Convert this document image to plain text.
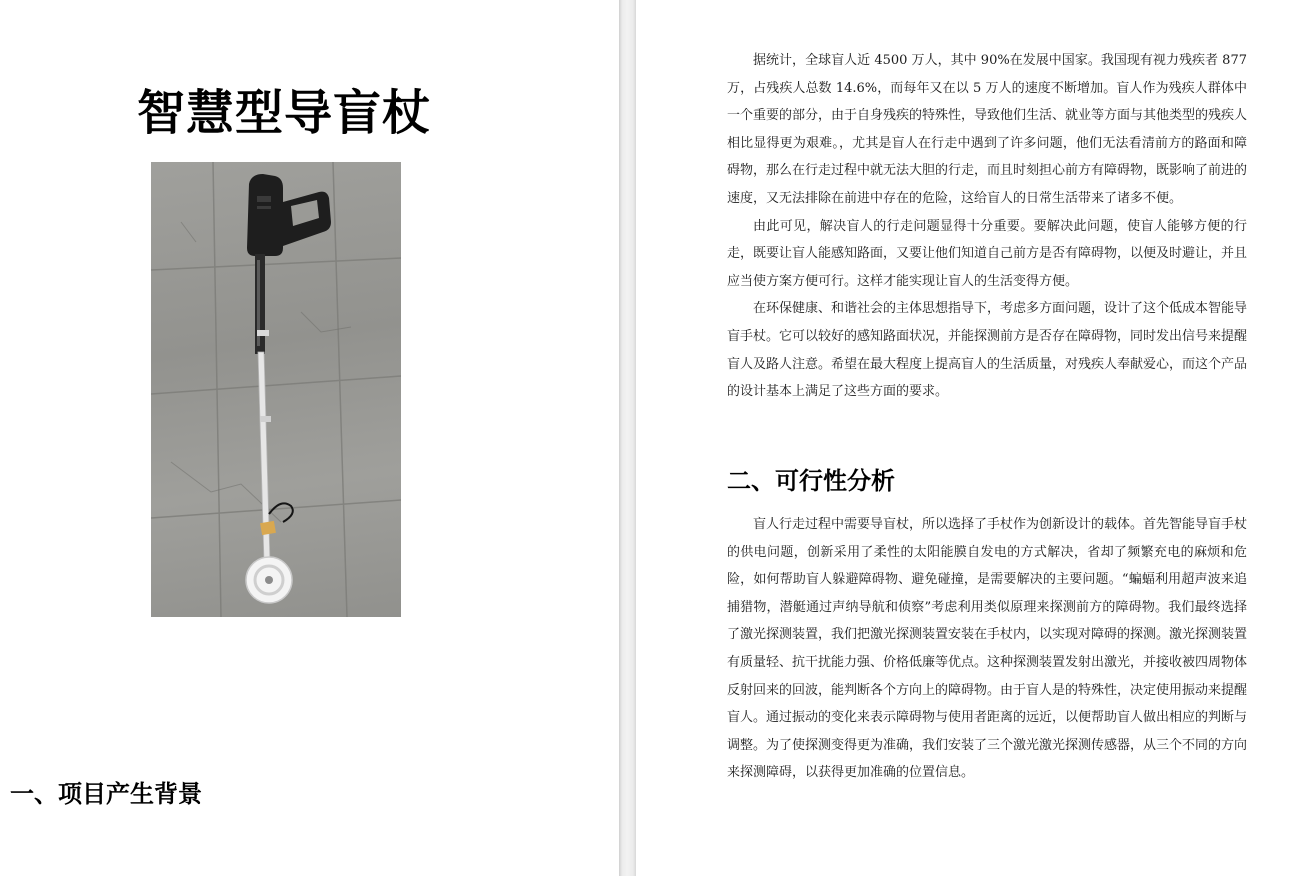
智慧型导盲杖
一、项目产生背景

据统计，全球盲人近 4500 万人，其中 90%在发展中国家。我国现有视力残疾者 877 万，占残疾人总数 14.6%，而每年又在以 5 万人的速度不断增加。盲人作为残疾人群体中一个重要的部分，由于自身残疾的特殊性，导致他们生活、就业等方面与其他类型的残疾人相比显得更为艰难。，尤其是盲人在行走中遇到了许多问题，他们无法看清前方的路面和障碍物，那么在行走过程中就无法大胆的行走，而且时刻担心前方有障碍物，既影响了前进的速度，又无法排除在前进中存在的危险，这给盲人的日常生活带来了诸多不便。

由此可见，解决盲人的行走问题显得十分重要。要解决此问题，使盲人能够方便的行走，既要让盲人能感知路面，又要让他们知道自己前方是否有障碍物，以便及时避让，并且应当使方案方便可行。这样才能实现让盲人的生活变得方便。

在环保健康、和谐社会的主体思想指导下，考虑多方面问题，设计了这个低成本智能导盲手杖。它可以较好的感知路面状况，并能探测前方是否存在障碍物，同时发出信号来提醒盲人及路人注意。希望在最大程度上提高盲人的生活质量，对残疾人奉献爱心，而这个产品的设计基本上满足了这些方面的要求。

二、可行性分析

盲人行走过程中需要导盲杖，所以选择了手杖作为创新设计的载体。首先智能导盲手杖的供电问题，创新采用了柔性的太阳能膜自发电的方式解决，省却了频繁充电的麻烦和危险，如何帮助盲人躲避障碍物、避免碰撞，是需要解决的主要问题。“蝙蝠利用超声波来追捕猎物，潜艇通过声纳导航和侦察”考虑利用类似原理来探测前方的障碍物。我们最终选择了激光探测装置，我们把激光探测装置安装在手杖内，以实现对障碍的探测。激光探测装置有质量轻、抗干扰能力强、价格低廉等优点。这种探测装置发射出激光，并接收被四周物体反射回来的回波，能判断各个方向上的障碍物。由于盲人是的特殊性，决定使用振动来提醒盲人。通过振动的变化来表示障碍物与使用者距离的远近，以便帮助盲人做出相应的判断与调整。为了使探测变得更为准确，我们安装了三个激光激光探测传感器，从三个不同的方向来探测障碍，以获得更加准确的位置信息。
